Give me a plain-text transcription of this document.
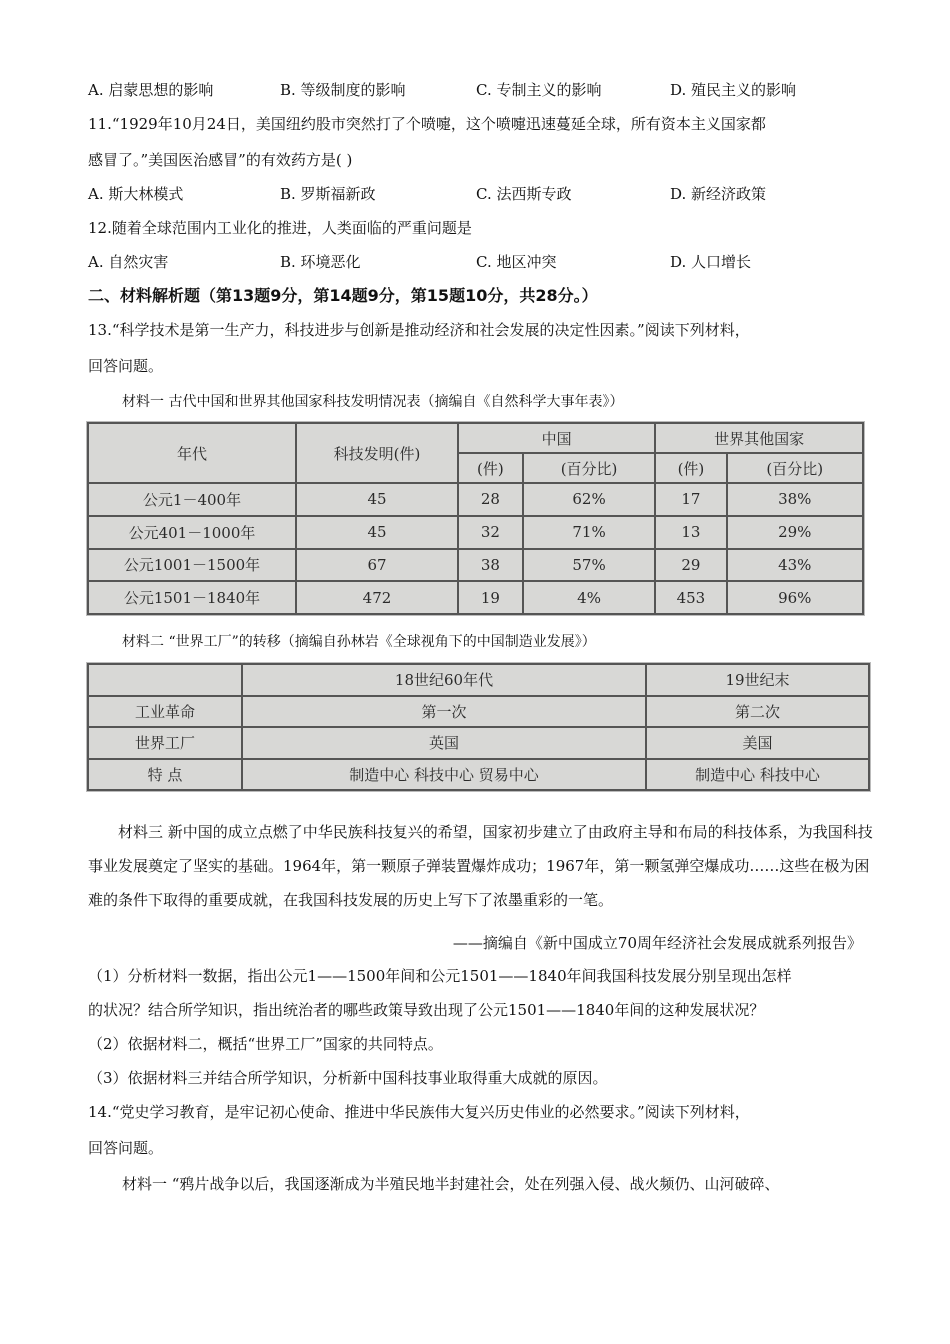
A. 启蒙思想的影响	B. 等级制度的影响	C. 专制主义的影响	D. 殖民主义的影响
11.“1929年10月24日，美国纽约股市突然打了个喷嚏，这个喷嚏迅速蔓延全球，所有资本主义国家都
感冒了。”美国医治感冒”的有效药方是( )
A. 斯大林模式	B. 罗斯福新政	C. 法西斯专政	D. 新经济政策
12.随着全球范围内工业化的推进，人类面临的严重问题是
A. 自然灾害	B. 环境恶化	C. 地区冲突	D. 人口增长
二、材料解析题（第13题9分，第14题9分，第15题10分，共28分。）
13.“科学技术是第一生产力，科技进步与创新是推动经济和社会发展的决定性因素。”阅读下列材料，
回答问题。
材料一 古代中国和世界其他国家科技发明情况表（摘编自《自然科学大事年表》）
年代	科技发明(件)	中国		世界其他国家	
		(件)	(百分比)	(件)	(百分比)
公元1－400年	45	28	62%	17	38%
公元401－1000年	45	32	71%	13	29%
公元1001－1500年	67	38	57%	29	43%
公元1501－1840年	472	19	4%	453	96%
材料二 “世界工厂”的转移（摘编自孙林岩《全球视角下的中国制造业发展》）
	18世纪60年代	19世纪末
工业革命	第一次	第二次
世界工厂	英国	美国
特 点	制造中心 科技中心 贸易中心	制造中心 科技中心
材料三 新中国的成立点燃了中华民族科技复兴的希望，国家初步建立了由政府主导和布局的科技体系，为我国科技事业发展奠定了坚实的基础。1964年，第一颗原子弹装置爆炸成功；1967年，第一颗氢弹空爆成功……这些在极为困难的条件下取得的重要成就，在我国科技发展的历史上写下了浓墨重彩的一笔。
——摘编自《新中国成立70周年经济社会发展成就系列报告》
（1）分析材料一数据，指出公元1——1500年间和公元1501——1840年间我国科技发展分别呈现出怎样
的状况？结合所学知识，指出统治者的哪些政策导致出现了公元1501——1840年间的这种发展状况？
（2）依据材料二，概括“世界工厂”国家的共同特点。
（3）依据材料三并结合所学知识，分析新中国科技事业取得重大成就的原因。
14.“党史学习教育，是牢记初心使命、推进中华民族伟大复兴历史伟业的必然要求。”阅读下列材料，
回答问题。
材料一 “鸦片战争以后，我国逐渐成为半殖民地半封建社会，处在列强入侵、战火频仍、山河破碎、
